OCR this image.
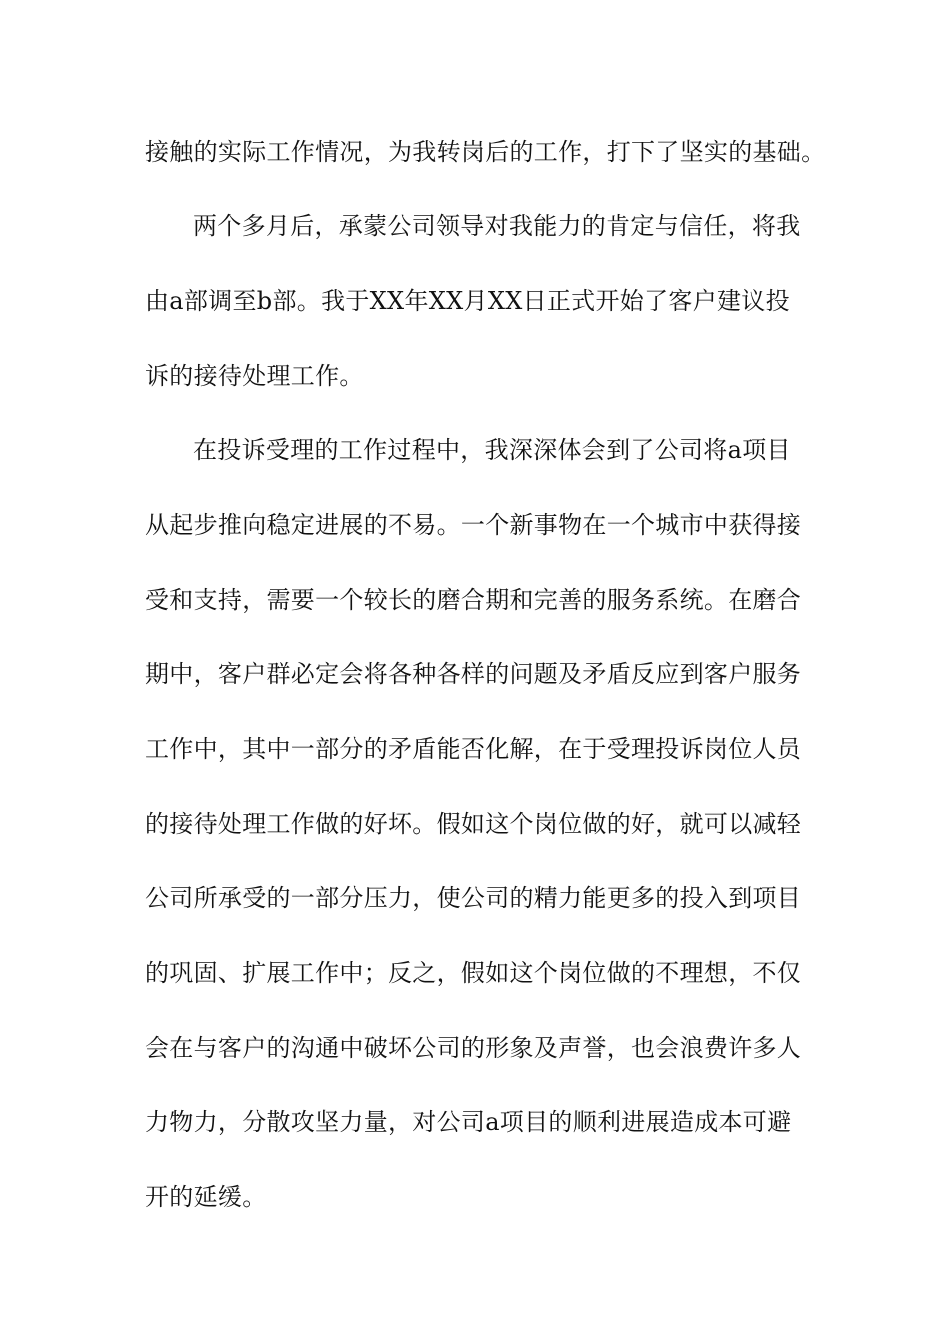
接触的实际工作情况，为我转岗后的工作，打下了坚实的基础。
两个多月后，承蒙公司领导对我能力的肯定与信任，将我
由a部调至b部。我于XX年XX月XX日正式开始了客户建议投
诉的接待处理工作。
在投诉受理的工作过程中，我深深体会到了公司将a项目
从起步推向稳定进展的不易。一个新事物在一个城市中获得接
受和支持，需要一个较长的磨合期和完善的服务系统。在磨合
期中，客户群必定会将各种各样的问题及矛盾反应到客户服务
工作中，其中一部分的矛盾能否化解，在于受理投诉岗位人员
的接待处理工作做的好坏。假如这个岗位做的好，就可以减轻
公司所承受的一部分压力，使公司的精力能更多的投入到项目
的巩固、扩展工作中；反之，假如这个岗位做的不理想，不仅
会在与客户的沟通中破坏公司的形象及声誉，也会浪费许多人
力物力，分散攻坚力量，对公司a项目的顺利进展造成本可避
开的延缓。
